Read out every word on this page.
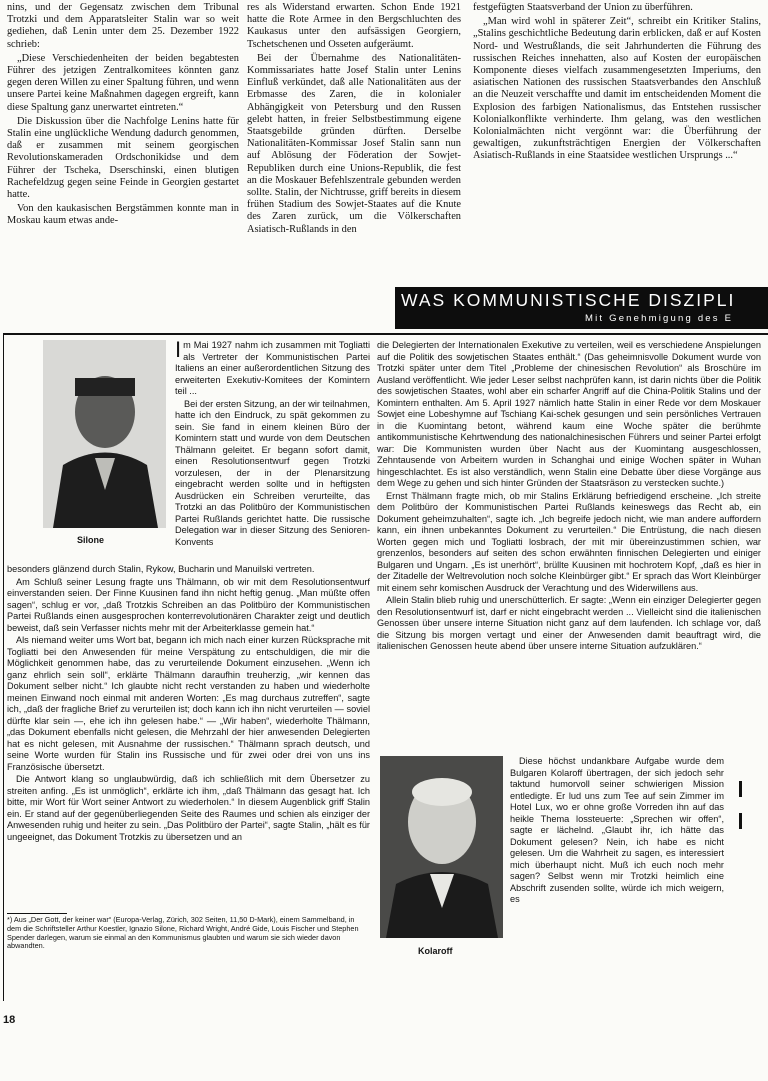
nins, und der Gegensatz zwischen dem Tribunal Trotzki und dem Apparatsleiter Stalin war so weit gediehen, daß Lenin unter dem 25. Dezember 1922 schrieb:

„Diese Verschiedenheiten der beiden begabtesten Führer des jetzigen Zentralkomitees könnten ganz gegen deren Willen zu einer Spaltung führen, und wenn unsere Partei keine Maßnahmen dagegen ergreift, kann diese Spaltung ganz unerwartet eintreten.“

Die Diskussion über die Nachfolge Lenins hatte für Stalin eine unglückliche Wendung dadurch genommen, daß er zusammen mit seinem georgischen Revolutionskameraden Ordschonikidse und dem Führer der Tscheka, Dserschinski, einen blutigen Rachefeldzug gegen seine Feinde in Georgien gestartet hatte.

Von den kaukasischen Bergstämmen konnte man in Moskau kaum etwas ande-

res als Widerstand erwarten. Schon Ende 1921 hatte die Rote Armee in den Bergschluchten des Kaukasus unter den aufsässigen Georgiern, Tschetschenen und Osseten aufgeräumt.

Bei der Übernahme des Nationalitäten-Kommissariates hatte Josef Stalin unter Lenins Einfluß verkündet, daß alle Nationalitäten aus der Erbmasse des Zaren, die in kolonialer Abhängigkeit von Petersburg und den Russen gelebt hatten, in freier Selbstbestimmung eigene Staatsgebilde gründen dürften. Derselbe Nationalitäten-Kommissar Josef Stalin sann nun auf Ablösung der Föderation der Sowjet-Republiken durch eine Unions-Republik, die fest an die Moskauer Befehlszentrale gebunden werden sollte. Stalin, der Nichtrusse, griff bereits in diesem frühen Stadium des Sowjet-Staates auf die Knute des Zaren zurück, um die Völkerschaften Asiatisch-Rußlands in den

festgefügten Staatsverband der Union zu überführen.

„Man wird wohl in späterer Zeit“, schreibt ein Kritiker Stalins, „Stalins geschichtliche Bedeutung darin erblicken, daß er auf Kosten Nord- und Westrußlands, die seit Jahrhunderten die Führung des russischen Reiches innehatten, also auf Kosten der europäischen Komponente dieses vielfach zusammengesetzten Imperiums, den asiatischen Nationen des russischen Staatsverbandes den Anschluß an die Neuzeit verschaffte und damit im entscheidenden Moment die Explosion des farbigen Nationalismus, das Entstehen russischer Kolonialkonflikte verhinderte. Ihm gelang, was den westlichen Kolonialmächten nicht vergönnt war: die Überführung der gewaltigen, zukunftsträchtigen Energien der Völkerschaften Asiatisch-Rußlands in eine Staatsidee westlichen Ursprungs ...“

WAS KOMMUNISTISCHE DISZIPLI
Mit Genehmigung des E
Silone
I m Mai 1927 nahm ich zusammen mit Togliatti als Vertreter der Kommunistischen Partei Italiens an einer außerordentlichen Sitzung des erweiterten Exekutiv-Komitees der Komintern teil ...

Bei der ersten Sitzung, an der wir teilnahmen, hatte ich den Eindruck, zu spät gekommen zu sein. Sie fand in einem kleinen Büro der Komintern statt und wurde von dem Deutschen Thälmann geleitet. Er begann sofort damit, einen Resolutionsentwurf gegen Trotzki vorzulesen, der in der Plenarsitzung eingebracht werden sollte und in heftigsten Ausdrücken ein Schreiben verurteilte, das Trotzki an das Politbüro der Kommunistischen Partei Rußlands gerichtet hatte. Die russische Delegation war in dieser Sitzung des Senioren-Konvents

besonders glänzend durch Stalin, Rykow, Bucharin und Manuilski vertreten.

Am Schluß seiner Lesung fragte uns Thälmann, ob wir mit dem Resolutionsentwurf einverstanden seien. Der Finne Kuusinen fand ihn nicht heftig genug. „Man müßte offen sagen“, schlug er vor, „daß Trotzkis Schreiben an das Politbüro der Kommunistischen Partei Rußlands einen ausgesprochen konterrevolutionären Charakter zeigt und deutlich beweist, daß sein Verfasser nichts mehr mit der Arbeiterklasse gemein hat.“

Als niemand weiter ums Wort bat, begann ich mich nach einer kurzen Rücksprache mit Togliatti bei den Anwesenden für meine Verspätung zu entschuldigen, die mir die Möglichkeit genommen habe, das zu verurteilende Dokument einzusehen. „Wenn ich ganz ehrlich sein soll“, erklärte Thälmann daraufhin treuherzig, „wir kennen das Dokument selber nicht.“ Ich glaubte nicht recht verstanden zu haben und wiederholte meinen Einwand noch einmal mit anderen Worten: „Es mag durchaus zutreffen“, sagte ich, „daß der fragliche Brief zu verurteilen ist; doch kann ich ihn nicht verurteilen — soviel dürfte klar sein —, ehe ich ihn gelesen habe.“ — „Wir haben“, wiederholte Thälmann, „das Dokument ebenfalls nicht gelesen, die Mehrzahl der hier anwesenden Delegierten hat es nicht gelesen, mit Ausnahme der russischen.“ Thälmann sprach deutsch, und seine Worte wurden für Stalin ins Russische und für zwei oder drei von uns ins Französische übersetzt.

Die Antwort klang so unglaubwürdig, daß ich schließlich mit dem Übersetzer zu streiten anfing. „Es ist unmöglich“, erklärte ich ihm, „daß Thälmann das gesagt hat. Ich bitte, mir Wort für Wort seiner Antwort zu wiederholen.“ In diesem Augenblick griff Stalin ein. Er stand auf der gegenüberliegenden Seite des Raumes und schien als einziger der Anwesenden ruhig und heiter zu sein. „Das Politbüro der Partei“, sagte Stalin, „hält es für ungeeignet, das Dokument Trotzkis zu übersetzen und an

*) Aus „Der Gott, der keiner war“ (Europa-Verlag, Zürich, 302 Seiten, 11,50 D-Mark), einem Sammelband, in dem die Schriftsteller Arthur Koestler, Ignazio Silone, Richard Wright, André Gide, Louis Fischer und Stephen Spender darlegen, warum sie einmal an den Kommunismus glaubten und warum sie sich wieder davon abwandten.

die Delegierten der Internationalen Exekutive zu verteilen, weil es verschiedene Anspielungen auf die Politik des sowjetischen Staates enthält.“ (Das geheimnisvolle Dokument wurde von Trotzki später unter dem Titel „Probleme der chinesischen Revolution“ als Broschüre im Ausland veröffentlicht. Wie jeder Leser selbst nachprüfen kann, ist darin nichts über die Politik des sowjetischen Staates, wohl aber ein scharfer Angriff auf die China-Politik Stalins und der Komintern enthalten. Am 5. April 1927 nämlich hatte Stalin in einer Rede vor dem Moskauer Sowjet eine Lobeshymne auf Tschiang Kai-schek gesungen und sein persönliches Vertrauen in die Kuomintang betont, während kaum eine Woche später die berühmte antikommunistische Kehrtwendung des nationalchinesischen Führers und seiner Partei erfolgt war: Die Kommunisten wurden über Nacht aus der Kuomintang ausgeschlossen, Zehntausende von Arbeitern wurden in Schanghai und einige Wochen später in Wuhan hingeschlachtet. Es ist also verständlich, wenn Stalin eine Debatte über diese Vorgänge aus dem Wege zu gehen und sich hinter Gründen der Staatsräson zu verstecken suchte.)

Ernst Thälmann fragte mich, ob mir Stalins Erklärung befriedigend erscheine. „Ich streite dem Politbüro der Kommunistischen Partei Rußlands keineswegs das Recht ab, ein Dokument geheimzuhalten“, sagte ich. „Ich begreife jedoch nicht, wie man andere auffordern kann, ein ihnen unbekanntes Dokument zu verurteilen.“ Die Entrüstung, die nach diesen Worten gegen mich und Togliatti losbrach, der mit mir übereinzustimmen schien, war grenzenlos, besonders auf seiten des schon erwähnten finnischen Delegierten und einiger Bulgaren und Ungarn. „Es ist unerhört“, brüllte Kuusinen mit hochrotem Kopf, „daß es hier in der Zitadelle der Weltrevolution noch solche Kleinbürger gibt.“ Er sprach das Wort Kleinbürger mit einem sehr komischen Ausdruck der Verachtung und des Widerwillens aus.

Allein Stalin blieb ruhig und unerschütterlich. Er sagte: „Wenn ein einziger Delegierter gegen den Resolutionsentwurf ist, darf er nicht eingebracht werden ... Vielleicht sind die italienischen Genossen über unsere interne Situation nicht ganz auf dem laufenden. Ich schlage vor, daß die Sitzung bis morgen vertagt und einer der Anwesenden damit beauftragt wird, die italienischen Genossen heute abend über unsere interne Situation aufzuklären.“

Kolaroff

Diese höchst undankbare Aufgabe wurde dem Bulgaren Kolaroff übertragen, der sich jedoch sehr taktund humorvoll seiner schwierigen Mission entledigte. Er lud uns zum Tee auf sein Zimmer im Hotel Lux, wo er ohne große Vorreden ihn auf das heikle Thema lossteuerte: „Sprechen wir offen“, sagte er lächelnd. „Glaubt ihr, ich hätte das Dokument gelesen? Nein, ich habe es nicht gelesen. Um die Wahrheit zu sagen, es interessiert mich überhaupt nicht. Muß ich euch noch mehr sagen? Selbst wenn mir Trotzki heimlich eine Abschrift zusenden sollte, würde ich mich weigern, es

18
